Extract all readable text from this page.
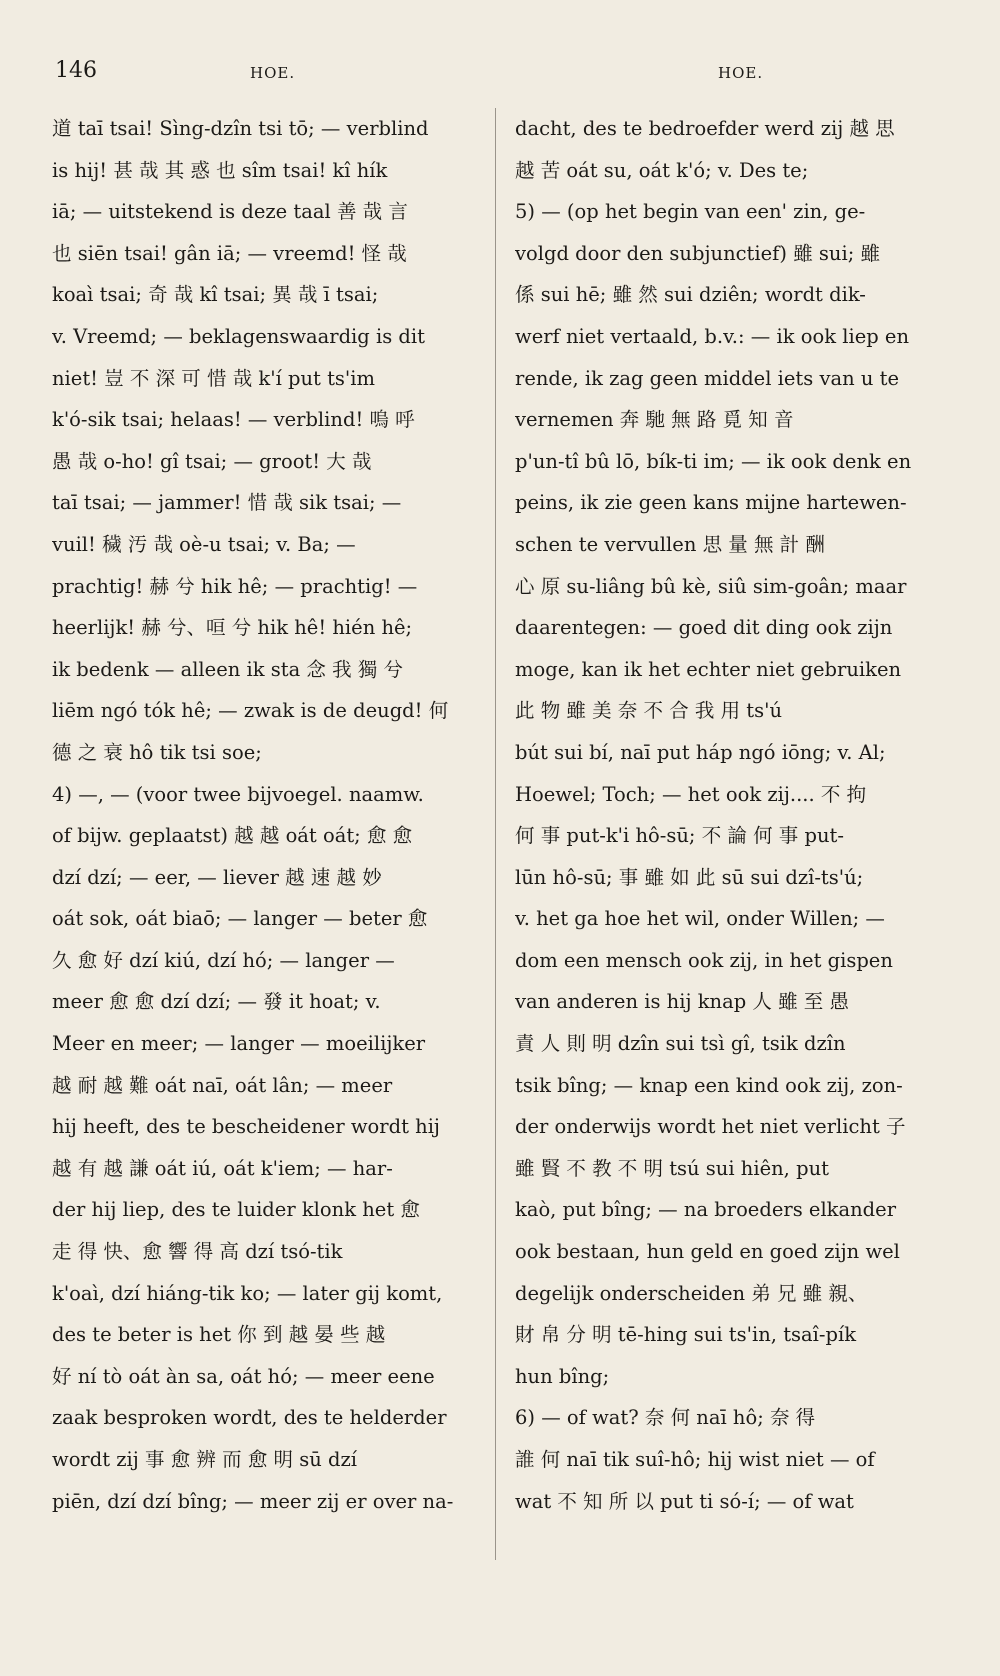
146	HOE.	HOE.
道 taī tsai! Sìng-dzîn tsi tō; — verblind
is hij! 甚 哉 其 惑 也 sîm tsai! kî hík
iā; — uitstekend is deze taal 善 哉 言
也 siēn tsai! gân iā; — vreemd! 怪 哉
koaì tsai; 奇 哉 kî tsai; 異 哉 ī tsai;
v. Vreemd; — beklagenswaardig is dit
niet! 豈 不 深 可 惜 哉 k'í put ts'im
k'ó-sik tsai; helaas! — verblind! 嗚 呼
愚 哉 o-ho! gî tsai; — groot! 大 哉
taī tsai; — jammer! 惜 哉 sik tsai; —
vuil! 穢 汚 哉 oè-u tsai; v. Ba; —
prachtig! 赫 兮 hik hê; — prachtig! —
heerlijk! 赫 兮、咺 兮 hik hê! hién hê;
ik bedenk — alleen ik sta 念 我 獨 兮
liēm ngó tók hê; — zwak is de deugd! 何
德 之 衰 hô tik tsi soe;
4) —, — (voor twee bijvoegel. naamw.
of bijw. geplaatst) 越 越 oát oát; 愈 愈
dzí dzí; — eer, — liever 越 速 越 妙
oát sok, oát biaō; — langer — beter 愈
久 愈 好 dzí kiú, dzí hó; — langer —
meer 愈 愈 dzí dzí; — 發 it hoat; v.
Meer en meer; — langer — moeilijker
越 耐 越 難 oát naī, oát lân; — meer
hij heeft, des te bescheidener wordt hij
越 有 越 謙 oát iú, oát k'iem; — har-
der hij liep, des te luider klonk het 愈
走 得 快、愈 響 得 高 dzí tsó-tik
k'oaì, dzí hiáng-tik ko; — later gij komt,
des te beter is het 你 到 越 晏 些 越
好 ní tò oát àn sa, oát hó; — meer eene
zaak besproken wordt, des te helderder
wordt zij 事 愈 辨 而 愈 明 sū dzí
piēn, dzí dzí bîng; — meer zij er over na-
dacht, des te bedroefder werd zij 越 思
越 苦 oát su, oát k'ó; v. Des te;
5) — (op het begin van een' zin, ge-
volgd door den subjunctief) 雖 sui; 雖
係 sui hē; 雖 然 sui dziên; wordt dik-
werf niet vertaald, b.v.: — ik ook liep en
rende, ik zag geen middel iets van u te
vernemen 奔 馳 無 路 覓 知 音
p'un-tî bû lō, bík-ti im; — ik ook denk en
peins, ik zie geen kans mijne hartewen-
schen te vervullen 思 量 無 計 酬
心 原 su-liâng bû kè, siû sim-goân; maar
daarentegen: — goed dit ding ook zijn
moge, kan ik het echter niet gebruiken
此 物 雖 美 奈 不 合 我 用 ts'ú
bút sui bí, naī put háp ngó iōng; v. Al;
Hoewel; Toch; — het ook zij.... 不 拘
何 事 put-k'i hô-sū; 不 論 何 事 put-
lūn hô-sū; 事 雖 如 此 sū sui dzî-ts'ú;
v. het ga hoe het wil, onder Willen; —
dom een mensch ook zij, in het gispen
van anderen is hij knap 人 雖 至 愚
責 人 則 明 dzîn sui tsì gî, tsik dzîn
tsik bîng; — knap een kind ook zij, zon-
der onderwijs wordt het niet verlicht 子
雖 賢 不 教 不 明 tsú sui hiên, put
kaò, put bîng; — na broeders elkander
ook bestaan, hun geld en goed zijn wel
degelijk onderscheiden 弟 兄 雖 親、
財 帛 分 明 tē-hing sui ts'in, tsaî-pík
hun bîng;
6) — of wat? 奈 何 naī hô; 奈 得
誰 何 naī tik suî-hô; hij wist niet — of
wat 不 知 所 以 put ti só-í; — of wat
